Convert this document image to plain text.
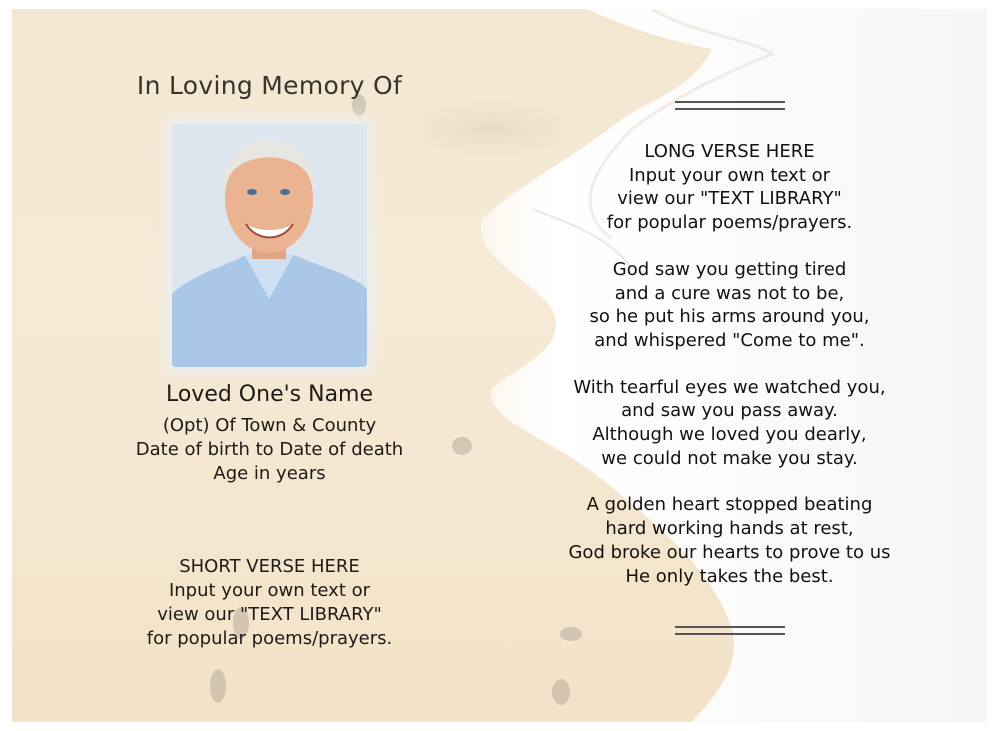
In Loving Memory Of
Loved One's Name
(Opt) Of Town & County
Date of birth to Date of death
Age in years
SHORT VERSE HERE
Input your own text or
view our "TEXT LIBRARY"
for popular poems/prayers.
LONG VERSE HERE
Input your own text or
view our "TEXT LIBRARY"
for popular poems/prayers.
God saw you getting tired
and a cure was not to be,
so he put his arms around you,
and whispered "Come to me".
With tearful eyes we watched you,
and saw you pass away.
Although we loved you dearly,
we could not make you stay.
A golden heart stopped beating
hard working hands at rest,
God broke our hearts to prove to us
He only takes the best.
